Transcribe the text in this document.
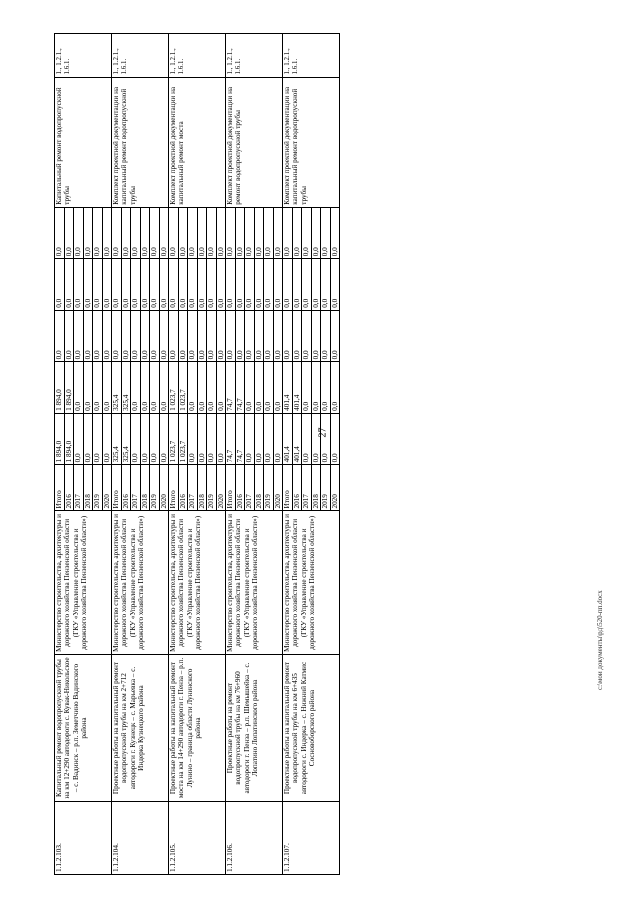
27
c:\мои документы\рд\520-пп.docx
1.1.2.103.	Капитальный ремонт водопропускной трубы на км 12+290 автодороги с. Кувак-Никольское – с. Вадинск – р.п. Земетчино Вадинского района	Министерство строительства, архитектуры и дорожного хозяйства Пензенской области (ГКУ «Управление строительства и дорожного хозяйства Пензенской области»)	Итого	1 894,0	1 894,0	0,0	0,0	0,0	Капитальный ремонт водопропускной трубы	1., 1.2.1., 1.6.1.
			2016	1 894,0	1 894,0	0,0	0,0	0,0		
			2017	0,0	0,0	0,0	0,0	0,0		
			2018	0,0	0,0	0,0	0,0	0,0		
			2019	0,0	0,0	0,0	0,0	0,0		
			2020	0,0	0,0	0,0	0,0	0,0		
1.1.2.104.	Проектные работы на капитальный ремонт водопропускной трубы на км 2+712 автодороги г. Кузнецк – с. Марьевка – с. Индерка Кузнецкого района	Министерство строительства, архитектуры и дорожного хозяйства Пензенской области (ГКУ «Управление строительства и дорожного хозяйства Пензенской области»)	Итого	325,4	325,4	0,0	0,0	0,0	Комплект проектной документации на капитальный ремонт водопропускной трубы	1., 1.2.1., 1.6.1.
			2016	325,4	325,4	0,0	0,0	0,0		
			2017	0,0	0,0	0,0	0,0	0,0		
			2018	0,0	0,0	0,0	0,0	0,0		
			2019	0,0	0,0	0,0	0,0	0,0		
			2020	0,0	0,0	0,0	0,0	0,0		
1.1.2.105.	Проектные работы на капитальный ремонт моста на км 14+290 автодороги г. Пенза – р.п. Лунино – граница области Лунинского района	Министерство строительства, архитектуры и дорожного хозяйства Пензенской области (ГКУ «Управление строительства и дорожного хозяйства Пензенской области»)	Итого	1 023,7	1 023,7	0,0	0,0	0,0	Комплект проектной документации на капитальный ремонт моста	1., 1.2.1., 1.6.1.
			2016	1 023,7	1 023,7	0,0	0,0	0,0		
			2017	0,0	0,0	0,0	0,0	0,0		
			2018	0,0	0,0	0,0	0,0	0,0		
			2019	0,0	0,0	0,0	0,0	0,0		
			2020	0,0	0,0	0,0	0,0	0,0		
1.1.2.106.	Проектные работы на ремонт водопропускной трубы на км 76+960 автодороги г. Пенза – р.п. Шемышейка – с. Лопатино Лопатинского района	Министерство строительства, архитектуры и дорожного хозяйства Пензенской области (ГКУ «Управление строительства и дорожного хозяйства Пензенской области»)	Итого	74,7	74,7	0,0	0,0	0,0	Комплект проектной документации на ремонт водопропускной трубы	1., 1.2.1., 1.6.1.
			2016	74,7	74,7	0,0	0,0	0,0		
			2017	0,0	0,0	0,0	0,0	0,0		
			2018	0,0	0,0	0,0	0,0	0,0		
			2019	0,0	0,0	0,0	0,0	0,0		
			2020	0,0	0,0	0,0	0,0	0,0		
1.1.2.107.	Проектные работы на капитальный ремонт водопропускной трубы на км 6+435 автодороги с. Индерка – с. Нижний Катмис Сосновоборского района	Министерство строительства, архитектуры и дорожного хозяйства Пензенской области (ГКУ «Управление строительства и дорожного хозяйства Пензенской области»)	Итого	401,4	401,4	0,0	0,0	0,0	Комплект проектной документации на капитальный ремонт водопропускной трубы	1., 1.2.1., 1.6.1.
			2016	401,4	401,4	0,0	0,0	0,0		
			2017	0,0	0,0	0,0	0,0	0,0		
			2018	0,0	0,0	0,0	0,0	0,0		
			2019	0,0	0,0	0,0	0,0	0,0		
			2020	0,0	0,0	0,0	0,0	0,0		
